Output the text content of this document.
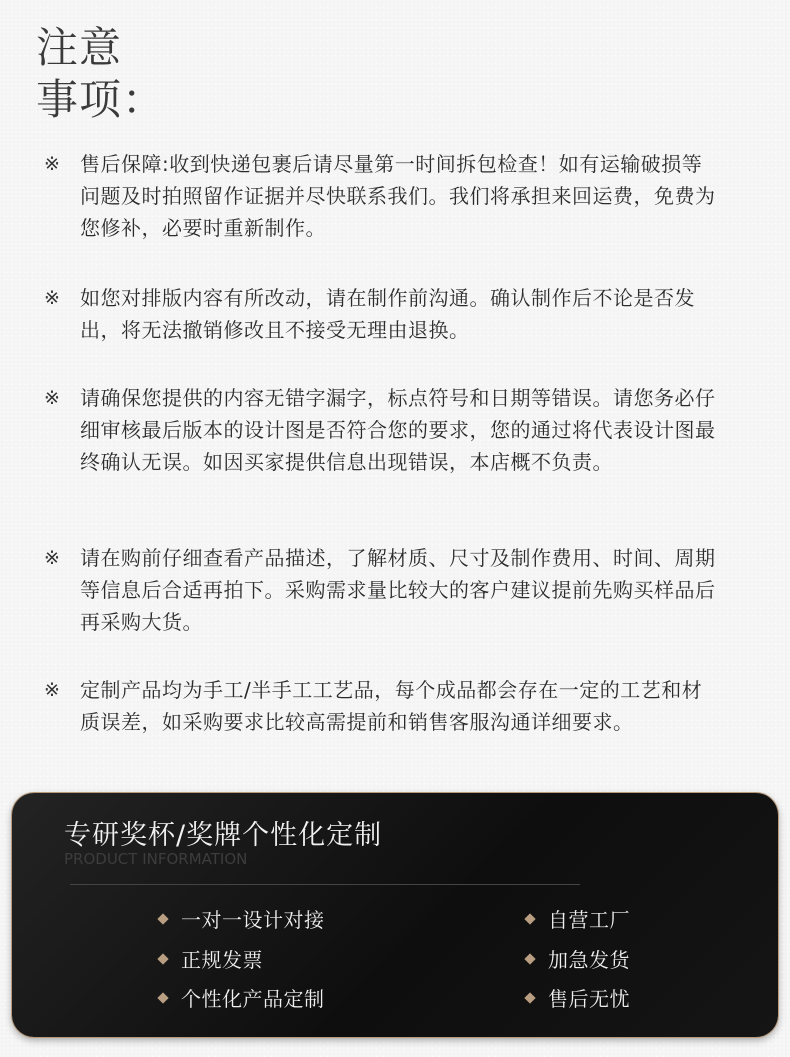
注意
事项：
※	售后保障:收到快递包裹后请尽量第一时间拆包检查！如有运输破损等问题及时拍照留作证据并尽快联系我们。我们将承担来回运费，免费为您修补，必要时重新制作。
※	如您对排版内容有所改动，请在制作前沟通。确认制作后不论是否发出，将无法撤销修改且不接受无理由退换。
※	请确保您提供的内容无错字漏字，标点符号和日期等错误。请您务必仔细审核最后版本的设计图是否符合您的要求，您的通过将代表设计图最终确认无误。如因买家提供信息出现错误，本店概不负责。
※	请在购前仔细查看产品描述，了解材质、尺寸及制作费用、时间、周期等信息后合适再拍下。采购需求量比较大的客户建议提前先购买样品后再采购大货。
※	定制产品均为手工/半手工工艺品，每个成品都会存在一定的工艺和材质误差，如采购要求比较高需提前和销售客服沟通详细要求。
专研奖杯/奖牌个性化定制
PRODUCT INFORMATION
一对一设计对接
正规发票
个性化产品定制
自营工厂
加急发货
售后无忧
